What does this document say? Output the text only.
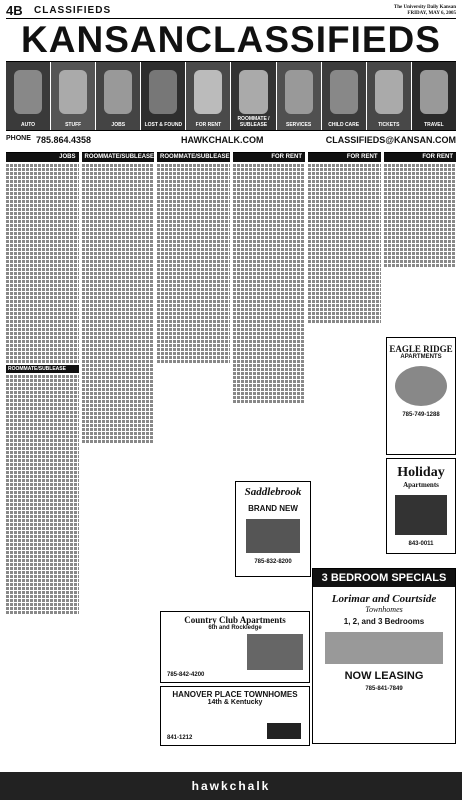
4B CLASSIFIEDS	The University Daily Kansan
FRIDAY, MAY 6, 2005
KANSANCLASSIFIEDS
AUTO	STUFF	JOBS	LOST & FOUND	FOR RENT
ROOMMATE / SUBLEASE	SERVICES	CHILD CARE	TICKETS	TRAVEL
PHONE 785.864.4358	HAWKCHALK.COM	CLASSIFIEDS@KANSAN.COM
JOBS
ROOMMATE/SUBLEASE
ROOMMATE/SUBLEASE ROOMMATE/SUBLEASE	FOR RENT	FOR RENT	FOR RENT
EAGLE RIDGE
APARTMENTS
785-749-1288
Holiday
Apartments
843-0011
Saddlebrook
BRAND NEW
785-832-8200
Country Club Apartments
6th and Rockledge
785-842-4200
HANOVER PLACE TOWNHOMES
14th & Kentucky
841-1212
3 BEDROOM SPECIALS
Lorimar and Courtside
Townhomes
1, 2, and 3 Bedrooms
NOW LEASING
785-841-7849
hawkchalk
